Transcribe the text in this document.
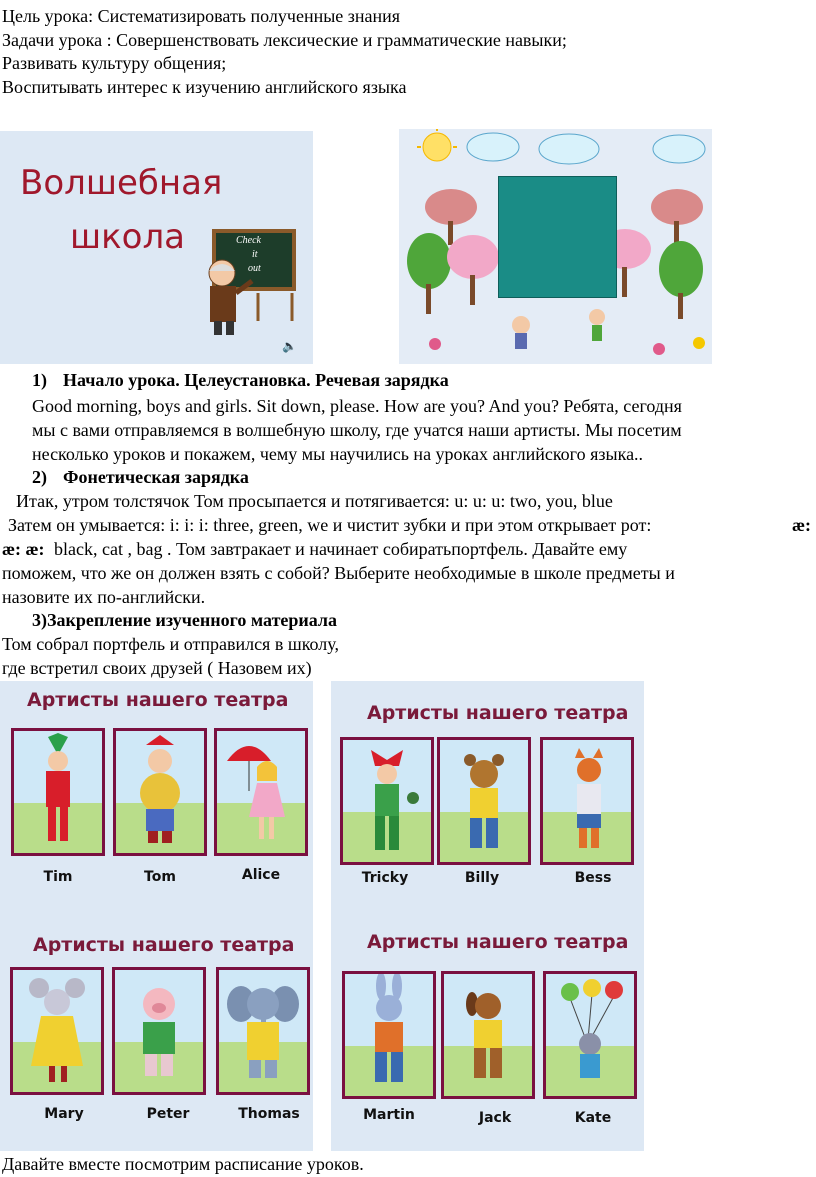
Цель урока: Систематизировать полученные знания
Задачи урока : Совершенствовать лексические и грамматические навыки;
Развивать культуру общения;
Воспитывать интерес к изучению английского языка
Волшебная
школа	Check
it
out
🔈
1) Начало урока. Целеустановка. Речевая зарядка
Good morning, boys and girls. Sit down, please. How are you? And you? Ребята, сегодня
мы с вами отправляемся в волшебную школу, где учатся наши артисты. Мы посетим
несколько уроков и покажем, чему мы научились на уроках английского языка..
2) Фонетическая зарядка
Итак, утром толстячок Том просыпается и потягивается: u: u: u: two, you, blue
Затем он умывается: i: i: i: three, green, we и чистит зубки и при этом открывает рот:	æ:
æ: æ: black, cat , bag . Том завтракает и начинает собиратьпортфель. Давайте ему
поможем, что же он должен взять с собой? Выберите необходимые в школе предметы и
назовите их по-английски.
3)Закрепление изученного материала
Том собрал портфель и отправился в школу,
где встретил своих друзей ( Назовем их)
Артисты нашего театра
Tim	Tom	Alice
Артисты нашего театра
Tricky	Billy	Bess
Артисты нашего театра
Mary	Peter	Thomas
Артисты нашего театра
Martin	Jack	Kate
Давайте вместе посмотрим расписание уроков.
